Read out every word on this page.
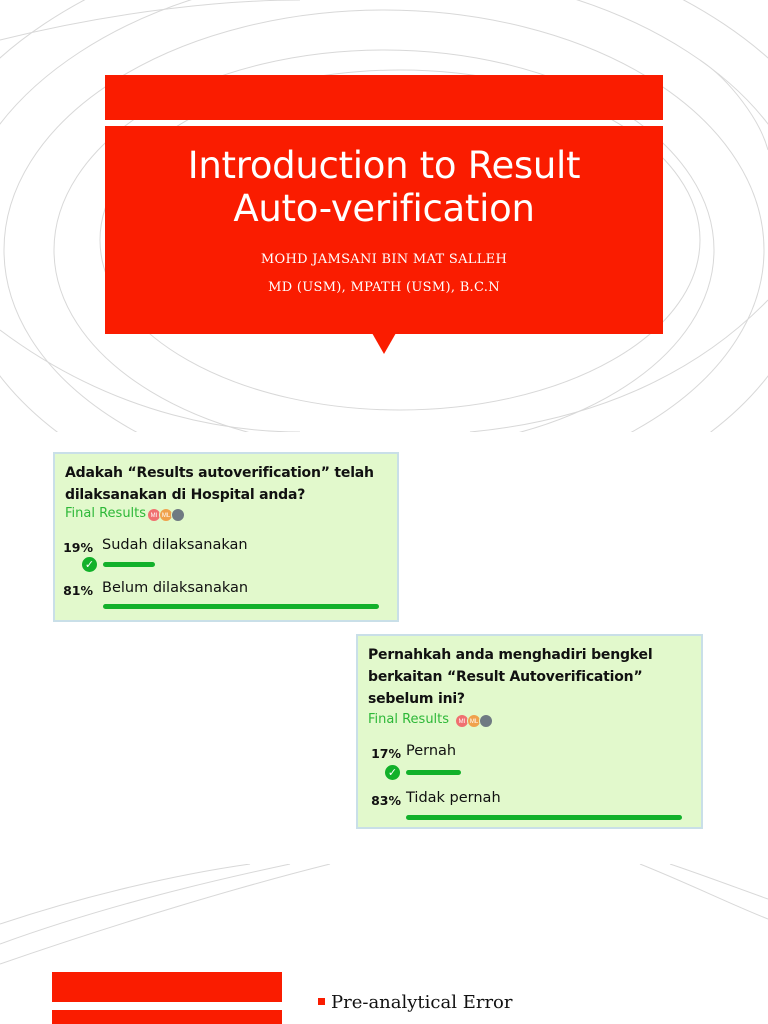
Introduction to Result
Auto-verification
MOHD JAMSANI BIN MAT SALLEH
MD (USM), MPATH (USM), B.C.N
Adakah “Results autoverification” telah
dilaksanakan di Hospital anda?
Final Results MI ML
19% Sudah dilaksanakan
✓
81% Belum dilaksanakan
Pernahkah anda menghadiri bengkel
berkaitan “Result Autoverification”
sebelum ini?
Final Results	MI ML
17% Pernah
✓
83% Tidak pernah
Pre-analytical Error
